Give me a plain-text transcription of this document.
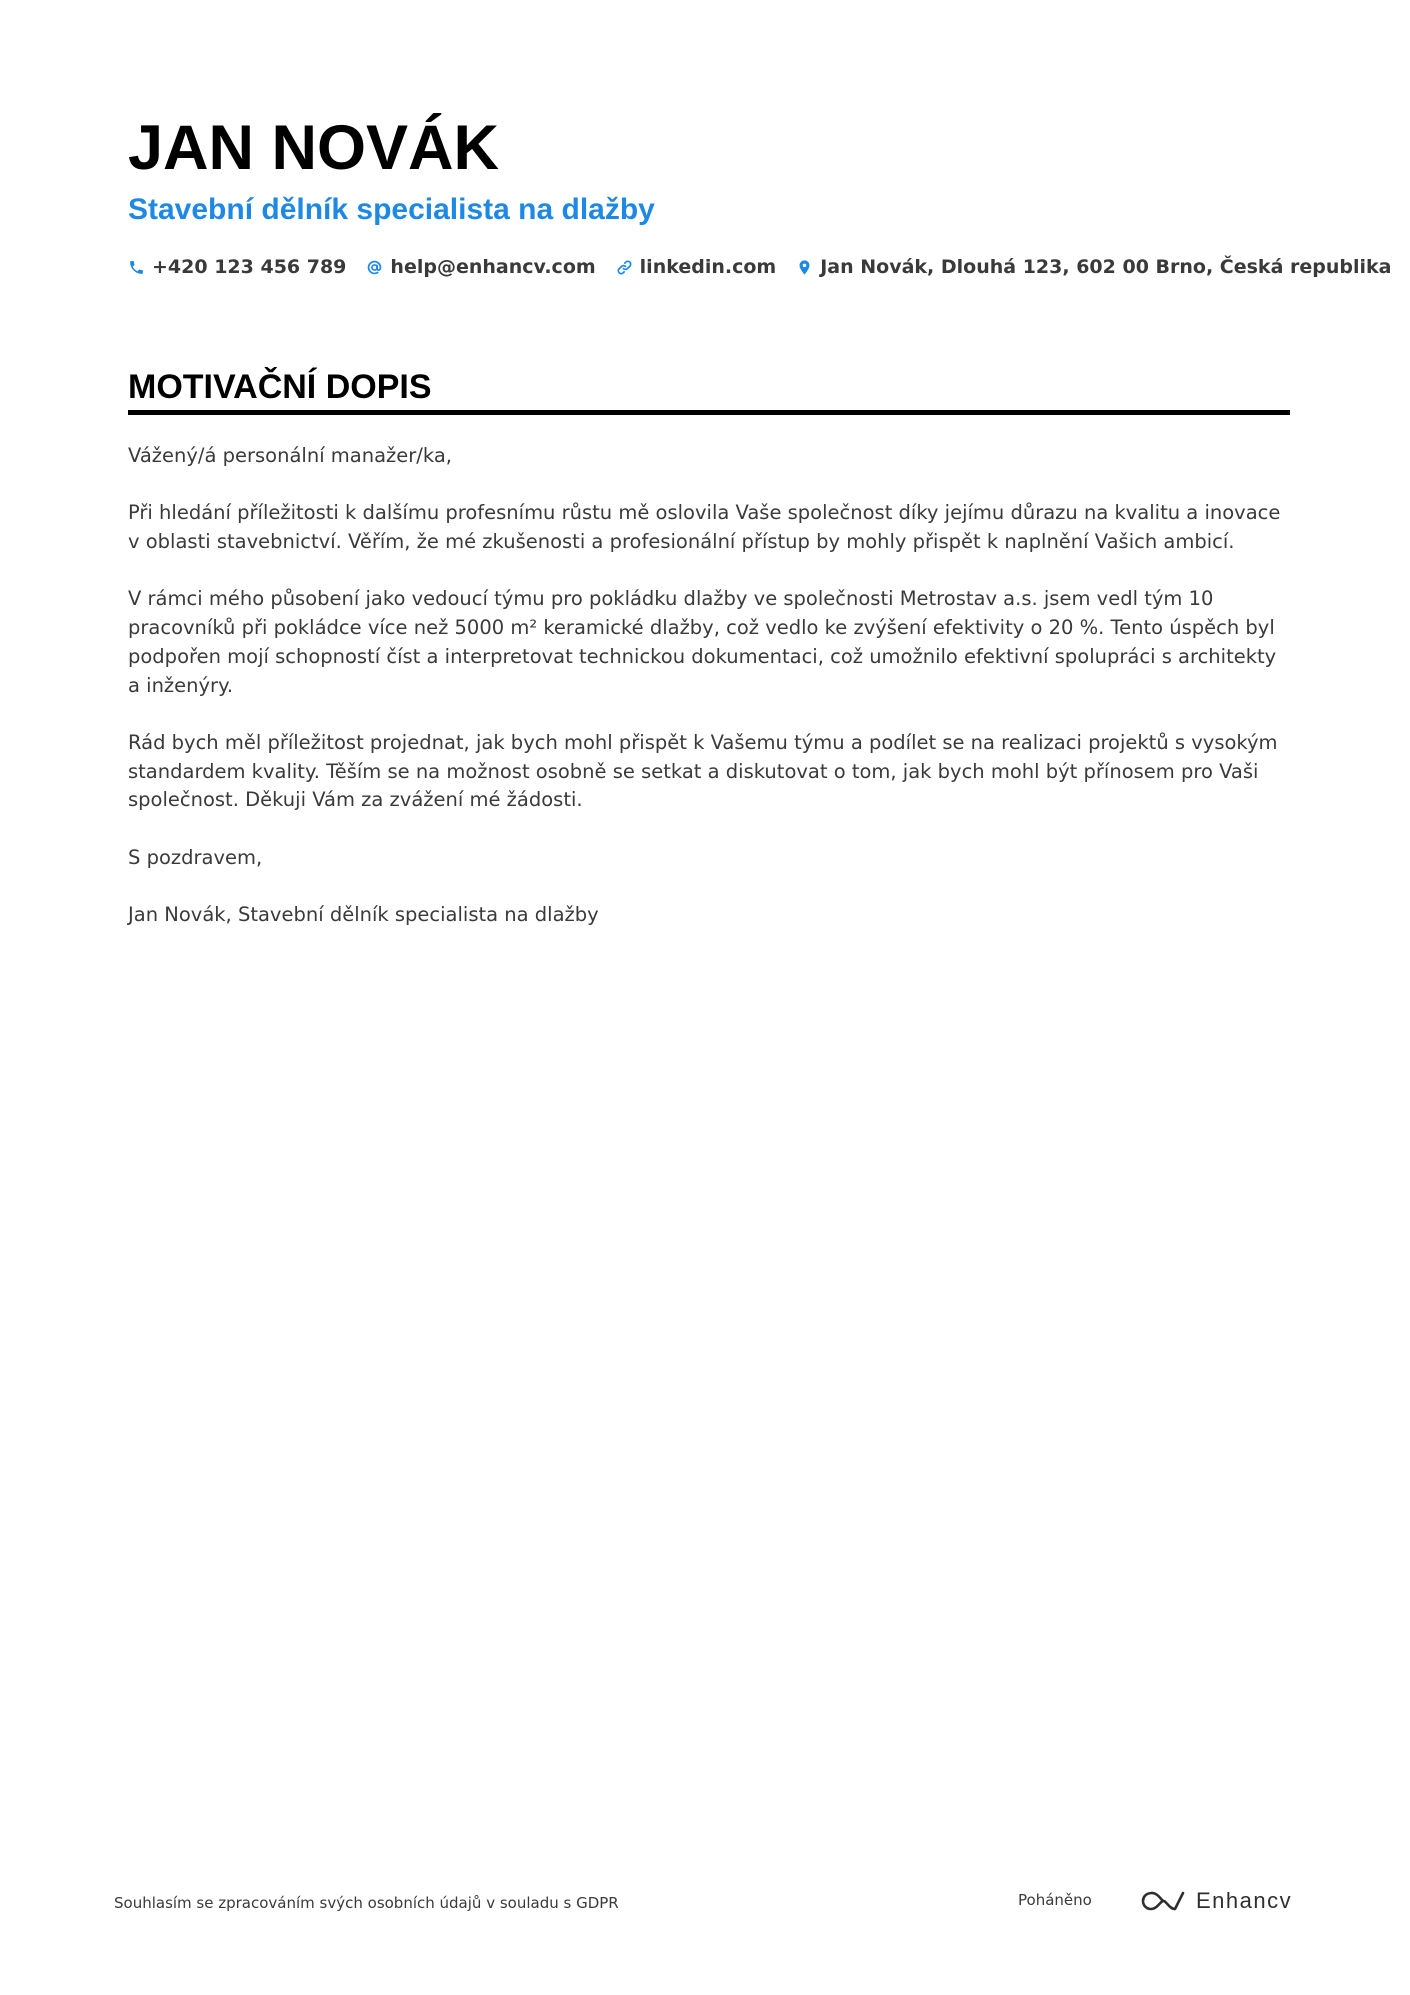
JAN NOVÁK
Stavební dělník specialista na dlažby
+420 123 456 789 help@enhancv.com linkedin.com Jan Novák, Dlouhá 123, 602 00 Brno, Česká republika
MOTIVAČNÍ DOPIS

Vážený/á personální manažer/ka,

Při hledání příležitosti k dalšímu profesnímu růstu mě oslovila Vaše společnost díky jejímu důrazu na kvalitu a inovace v oblasti stavebnictví. Věřím, že mé zkušenosti a profesionální přístup by mohly přispět k naplnění Vašich ambicí.

V rámci mého působení jako vedoucí týmu pro pokládku dlažby ve společnosti Metrostav a.s. jsem vedl tým 10 pracovníků při pokládce více než 5000 m² keramické dlažby, což vedlo ke zvýšení efektivity o 20 %. Tento úspěch byl podpořen mojí schopností číst a interpretovat technickou dokumentaci, což umožnilo efektivní spolupráci s architekty a inženýry.

Rád bych měl příležitost projednat, jak bych mohl přispět k Vašemu týmu a podílet se na realizaci projektů s vysokým standardem kvality. Těším se na možnost osobně se setkat a diskutovat o tom, jak bych mohl být přínosem pro Vaši společnost. Děkuji Vám za zvážení mé žádosti.

S pozdravem,

Jan Novák, Stavební dělník specialista na dlažby

Souhlasím se zpracováním svých osobních údajů v souladu s GDPR	Poháněno	Enhancv
